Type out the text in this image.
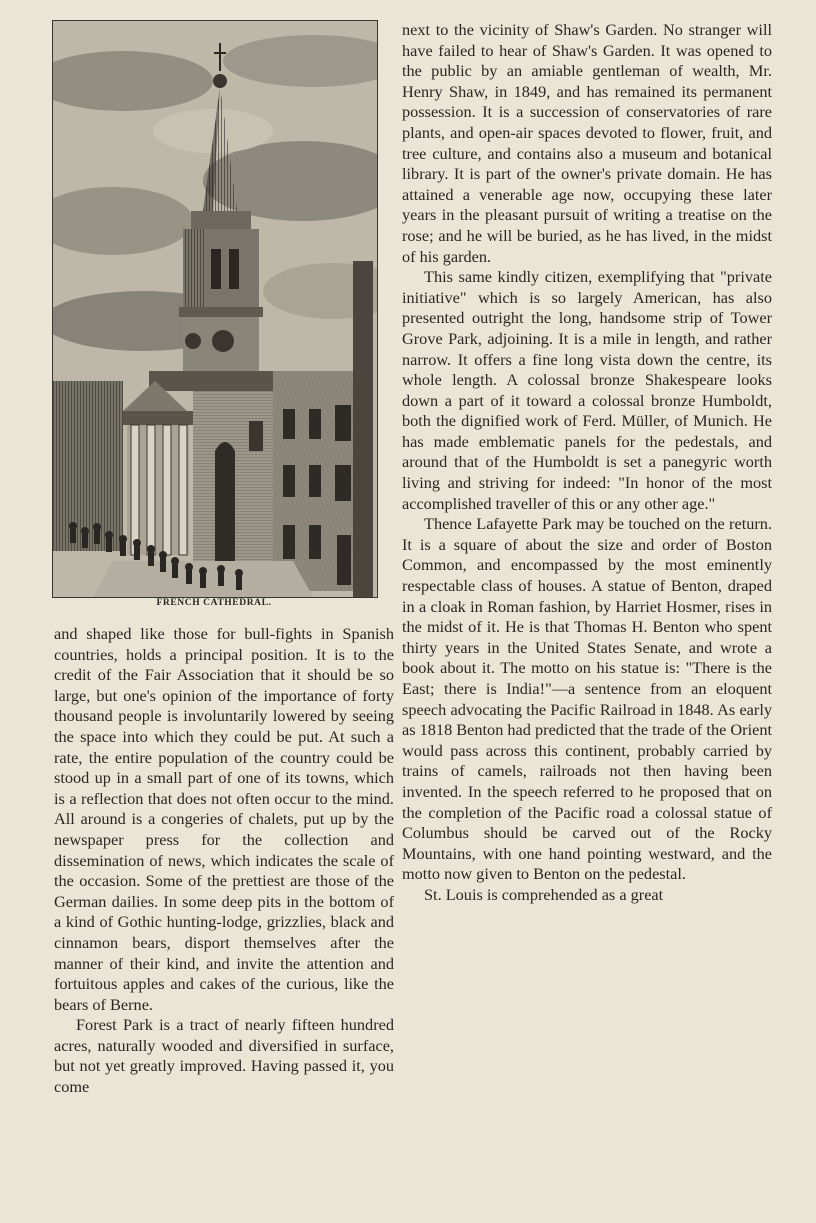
FRENCH CATHEDRAL.

and shaped like those for bull-fights in Spanish countries, holds a principal position. It is to the credit of the Fair Association that it should be so large, but one's opinion of the importance of forty thousand people is involuntarily lowered by seeing the space into which they could be put. At such a rate, the entire population of the country could be stood up in a small part of one of its towns, which is a reflection that does not often occur to the mind. All around is a congeries of chalets, put up by the newspaper press for the collection and dissemination of news, which indicates the scale of the occasion. Some of the prettiest are those of the German dailies. In some deep pits in the bottom of a kind of Gothic hunting-lodge, grizzlies, black and cinnamon bears, disport themselves after the manner of their kind, and invite the attention and fortuitous apples and cakes of the curious, like the bears of Berne.

Forest Park is a tract of nearly fifteen hundred acres, naturally wooded and diversified in surface, but not yet greatly improved. Having passed it, you come

next to the vicinity of Shaw's Garden. No stranger will have failed to hear of Shaw's Garden. It was opened to the public by an amiable gentleman of wealth, Mr. Henry Shaw, in 1849, and has remained its permanent possession. It is a succession of conservatories of rare plants, and open-air spaces devoted to flower, fruit, and tree culture, and contains also a museum and botanical library. It is part of the owner's private domain. He has attained a venerable age now, occupying these later years in the pleasant pursuit of writing a treatise on the rose; and he will be buried, as he has lived, in the midst of his garden.

This same kindly citizen, exemplifying that "private initiative" which is so largely American, has also presented outright the long, handsome strip of Tower Grove Park, adjoining. It is a mile in length, and rather narrow. It offers a fine long vista down the centre, its whole length. A colossal bronze Shakespeare looks down a part of it toward a colossal bronze Humboldt, both the dignified work of Ferd. Müller, of Munich. He has made emblematic panels for the pedestals, and around that of the Humboldt is set a panegyric worth living and striving for indeed: "In honor of the most accomplished traveller of this or any other age."

Thence Lafayette Park may be touched on the return. It is a square of about the size and order of Boston Common, and encompassed by the most eminently respectable class of houses. A statue of Benton, draped in a cloak in Roman fashion, by Harriet Hosmer, rises in the midst of it. He is that Thomas H. Benton who spent thirty years in the United States Senate, and wrote a book about it. The motto on his statue is: "There is the East; there is India!"—a sentence from an eloquent speech advocating the Pacific Railroad in 1848. As early as 1818 Benton had predicted that the trade of the Orient would pass across this continent, probably carried by trains of camels, railroads not then having been invented. In the speech referred to he proposed that on the completion of the Pacific road a colossal statue of Columbus should be carved out of the Rocky Mountains, with one hand pointing westward, and the motto now given to Benton on the pedestal.

St. Louis is comprehended as a great
